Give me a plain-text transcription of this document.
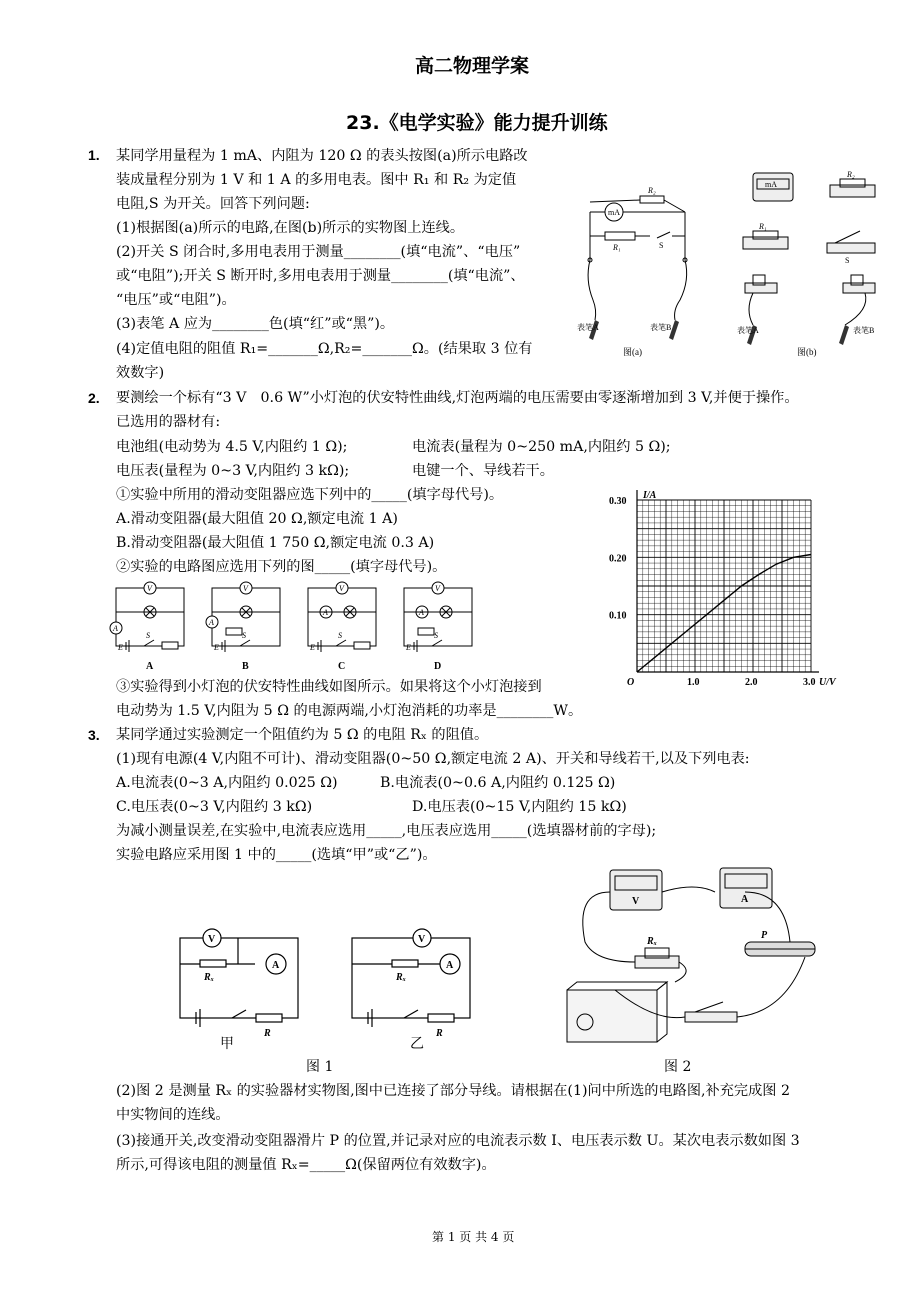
高二物理学案
23.《电学实验》能力提升训练
1. 某同学用量程为 1 mA、内阻为 120 Ω 的表头按图(a)所示电路改
装成量程分别为 1 V 和 1 A 的多用电表。图中 R₁ 和 R₂ 为定值
电阻,S 为开关。回答下列问题:
(1)根据图(a)所示的电路,在图(b)所示的实物图上连线。
(2)开关 S 闭合时,多用电表用于测量________(填“电流”、“电压”
或“电阻”);开关 S 断开时,多用电表用于测量________(填“电流”、
“电压”或“电阻”)。
(3)表笔 A 应为________色(填“红”或“黑”)。
(4)定值电阻的阻值 R₁=_______Ω,R₂=_______Ω。(结果取 3 位有
效数字)
mA
R₂
R₁	S
表笔A	表笔B
图(a)
mA
R₂
R₁
S
表笔A	表笔B
图(b)
2. 要测绘一个标有“3 V　0.6 W”小灯泡的伏安特性曲线,灯泡两端的电压需要由零逐渐增加到 3 V,并便于操作。
已选用的器材有:
电池组(电动势为 4.5 V,内阻约 1 Ω);	电流表(量程为 0~250 mA,内阻约 5 Ω);
电压表(量程为 0~3 V,内阻约 3 kΩ);	电键一个、导线若干。
①实验中所用的滑动变阻器应选下列中的_____(填字母代号)。
A.滑动变阻器(最大阻值 20 Ω,额定电流 1 A)
B.滑动变阻器(最大阻值 1 750 Ω,额定电流 0.3 A)
②实验的电路图应选用下列的图_____(填字母代号)。
V
A
E
S
V
A
E
S
V
A
E
S
V
A
E
S
A	B	C	D
③实验得到小灯泡的伏安特性曲线如图所示。如果将这个小灯泡接到
电动势为 1.5 V,内阻为 5 Ω 的电源两端,小灯泡消耗的功率是________W。
1.0	2.0	3.0
0.10
0.20
0.30
O	U/V
I/A
3. 某同学通过实验测定一个阻值约为 5 Ω 的电阻 Rₓ 的阻值。
(1)现有电源(4 V,内阻不可计)、滑动变阻器(0~50 Ω,额定电流 2 A)、开关和导线若干,以及下列电表:
A.电流表(0~3 A,内阻约 0.025 Ω)	B.电流表(0~0.6 A,内阻约 0.125 Ω)
C.电压表(0~3 V,内阻约 3 kΩ)	D.电压表(0~15 V,内阻约 15 kΩ)
为减小测量误差,在实验中,电流表应选用_____,电压表应选用_____(选填器材前的字母);
实验电路应采用图 1 中的_____(选填“甲”或“乙”)。
V
A
Rₓ
R
V
A
Rₓ
R
甲	乙
图 1
V	A
Rₓ
P
图 2
(2)图 2 是测量 Rₓ 的实验器材实物图,图中已连接了部分导线。请根据在(1)问中所选的电路图,补充完成图 2
中实物间的连线。
(3)接通开关,改变滑动变阻器滑片 P 的位置,并记录对应的电流表示数 I、电压表示数 U。某次电表示数如图 3
所示,可得该电阻的测量值 Rₓ=_____Ω(保留两位有效数字)。
第 1 页 共 4 页
